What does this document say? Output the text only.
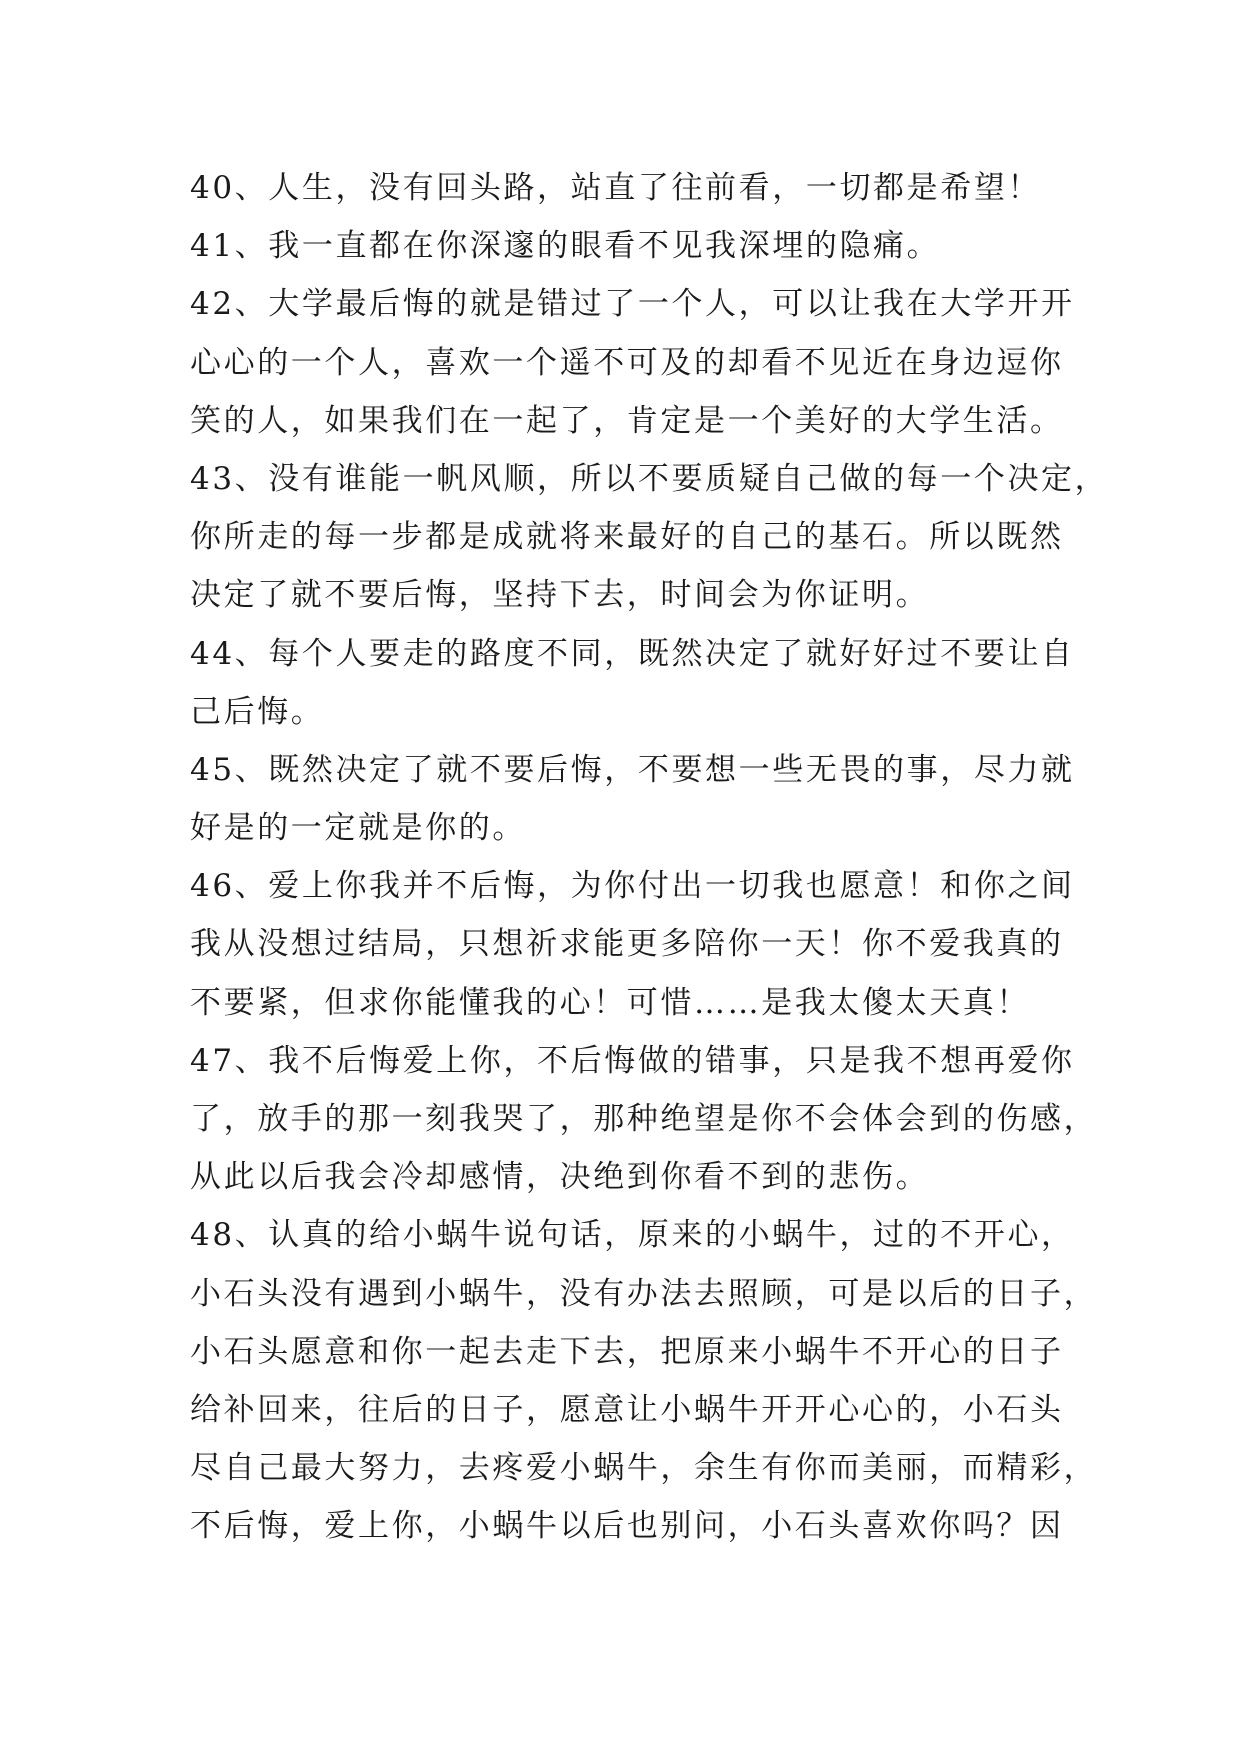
40、人生，没有回头路，站直了往前看，一切都是希望！
41、我一直都在你深邃的眼看不见我深埋的隐痛。
42、大学最后悔的就是错过了一个人，可以让我在大学开开
心心的一个人，喜欢一个遥不可及的却看不见近在身边逗你
笑的人，如果我们在一起了，肯定是一个美好的大学生活。
43、没有谁能一帆风顺，所以不要质疑自己做的每一个决定，
你所走的每一步都是成就将来最好的自己的基石。所以既然
决定了就不要后悔，坚持下去，时间会为你证明。
44、每个人要走的路度不同，既然决定了就好好过不要让自
己后悔。
45、既然决定了就不要后悔，不要想一些无畏的事，尽力就
好是的一定就是你的。
46、爱上你我并不后悔，为你付出一切我也愿意！和你之间
我从没想过结局，只想祈求能更多陪你一天！你不爱我真的
不要紧，但求你能懂我的心！可惜……是我太傻太天真！
47、我不后悔爱上你，不后悔做的错事，只是我不想再爱你
了，放手的那一刻我哭了，那种绝望是你不会体会到的伤感，
从此以后我会冷却感情，决绝到你看不到的悲伤。
48、认真的给小蜗牛说句话，原来的小蜗牛，过的不开心，
小石头没有遇到小蜗牛，没有办法去照顾，可是以后的日子，
小石头愿意和你一起去走下去，把原来小蜗牛不开心的日子
给补回来，往后的日子，愿意让小蜗牛开开心心的，小石头
尽自己最大努力，去疼爱小蜗牛，余生有你而美丽，而精彩，
不后悔，爱上你，小蜗牛以后也别问，小石头喜欢你吗？因
